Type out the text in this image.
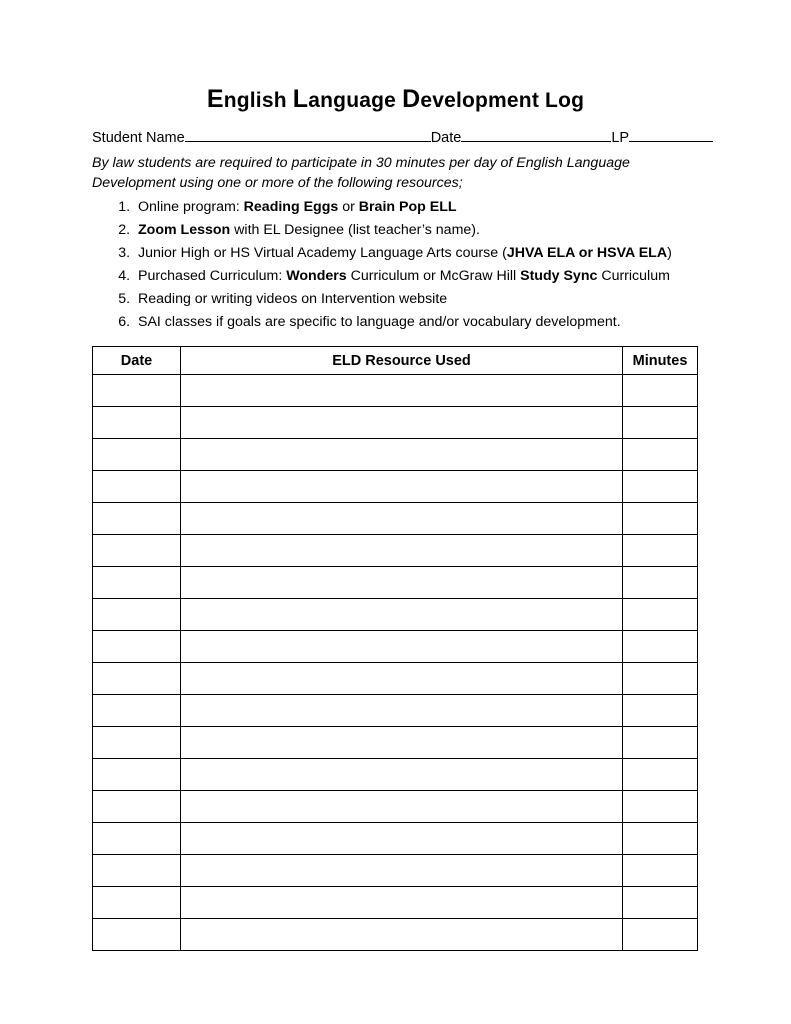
English Language Development Log
Student Name	Date	LP

By law students are required to participate in 30 minutes per day of English Language Development using one or more of the following resources;

1. Online program: Reading Eggs or Brain Pop ELL
2. Zoom Lesson with EL Designee (list teacher’s name).
3. Junior High or HS Virtual Academy Language Arts course (JHVA ELA or HSVA ELA)
4. Purchased Curriculum: Wonders Curriculum or McGraw Hill Study Sync Curriculum
5. Reading or writing videos on Intervention website
6. SAI classes if goals are specific to language and/or vocabulary development.
Date	ELD Resource Used	Minutes
